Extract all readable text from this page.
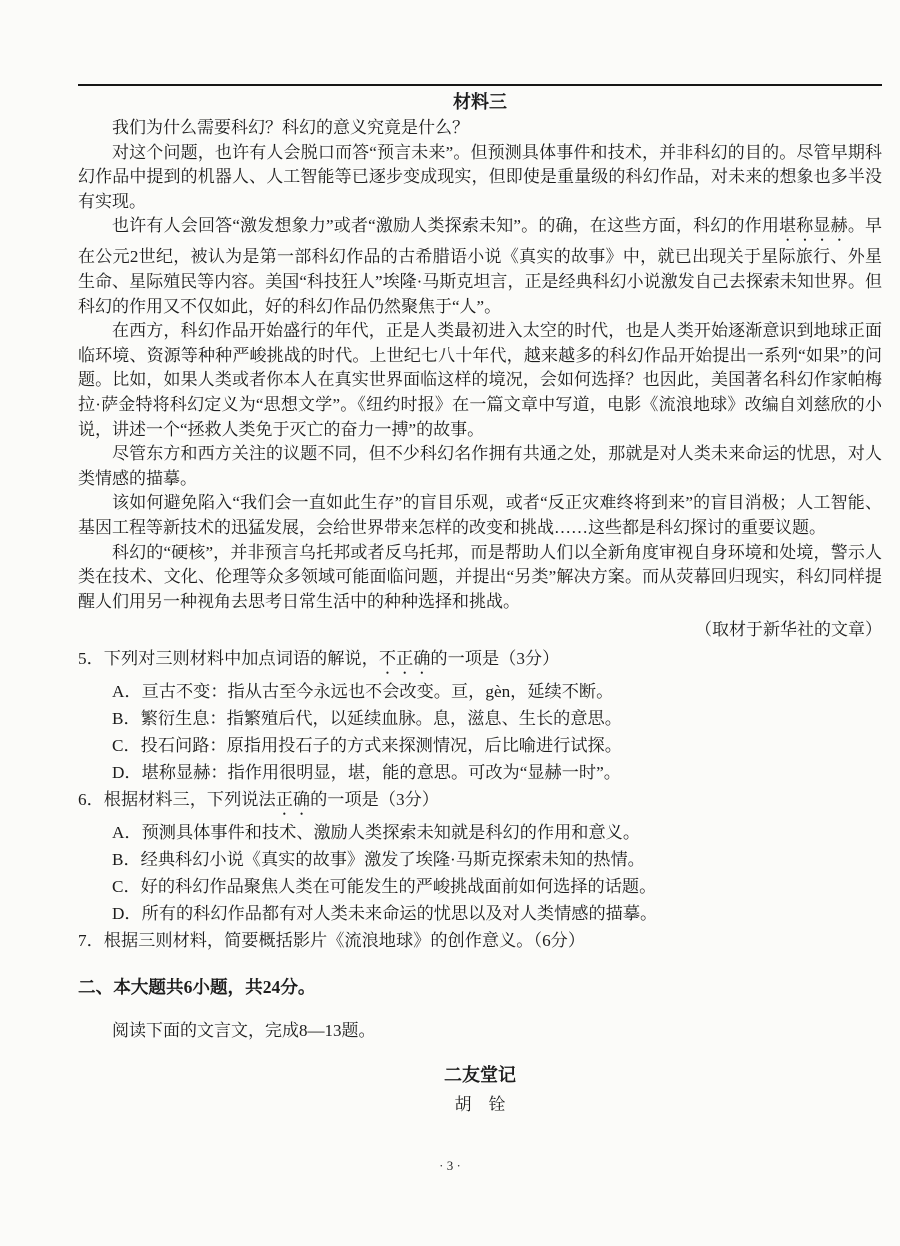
材料三

我们为什么需要科幻？科幻的意义究竟是什么？

对这个问题，也许有人会脱口而答“预言未来”。但预测具体事件和技术，并非科幻的目的。尽管早期科幻作品中提到的机器人、人工智能等已逐步变成现实，但即使是重量级的科幻作品，对未来的想象也多半没有实现。

也许有人会回答“激发想象力”或者“激励人类探索未知”。的确，在这些方面，科幻的作用堪称显赫。早在公元2世纪，被认为是第一部科幻作品的古希腊语小说《真实的故事》中，就已出现关于星际旅行、外星生命、星际殖民等内容。美国“科技狂人”埃隆·马斯克坦言，正是经典科幻小说激发自己去探索未知世界。但科幻的作用又不仅如此，好的科幻作品仍然聚焦于“人”。

在西方，科幻作品开始盛行的年代，正是人类最初进入太空的时代，也是人类开始逐渐意识到地球正面临环境、资源等种种严峻挑战的时代。上世纪七八十年代，越来越多的科幻作品开始提出一系列“如果”的问题。比如，如果人类或者你本人在真实世界面临这样的境况，会如何选择？也因此，美国著名科幻作家帕梅拉·萨金特将科幻定义为“思想文学”。《纽约时报》在一篇文章中写道，电影《流浪地球》改编自刘慈欣的小说，讲述一个“拯救人类免于灭亡的奋力一搏”的故事。

尽管东方和西方关注的议题不同，但不少科幻名作拥有共通之处，那就是对人类未来命运的忧思，对人类情感的描摹。

该如何避免陷入“我们会一直如此生存”的盲目乐观，或者“反正灾难终将到来”的盲目消极；人工智能、基因工程等新技术的迅猛发展，会给世界带来怎样的改变和挑战……这些都是科幻探讨的重要议题。

科幻的“硬核”，并非预言乌托邦或者反乌托邦，而是帮助人们以全新角度审视自身环境和处境，警示人类在技术、文化、伦理等众多领域可能面临问题，并提出“另类”解决方案。而从荧幕回归现实，科幻同样提醒人们用另一种视角去思考日常生活中的种种选择和挑战。

（取材于新华社的文章）

5．下列对三则材料中加点词语的解说，不正确的一项是（3分）

A．亘古不变：指从古至今永远也不会改变。亘，gèn，延续不断。
B．繁衍生息：指繁殖后代，以延续血脉。息，滋息、生长的意思。
C．投石问路：原指用投石子的方式来探测情况，后比喻进行试探。
D．堪称显赫：指作用很明显，堪，能的意思。可改为“显赫一时”。

6．根据材料三，下列说法正确的一项是（3分）

A．预测具体事件和技术、激励人类探索未知就是科幻的作用和意义。
B．经典科幻小说《真实的故事》激发了埃隆·马斯克探索未知的热情。
C．好的科幻作品聚焦人类在可能发生的严峻挑战面前如何选择的话题。
D．所有的科幻作品都有对人类未来命运的忧思以及对人类情感的描摹。

7．根据三则材料，简要概括影片《流浪地球》的创作意义。（6分）

二、本大题共6小题，共24分。

阅读下面的文言文，完成8—13题。

二友堂记

胡　铨

· 3 ·
